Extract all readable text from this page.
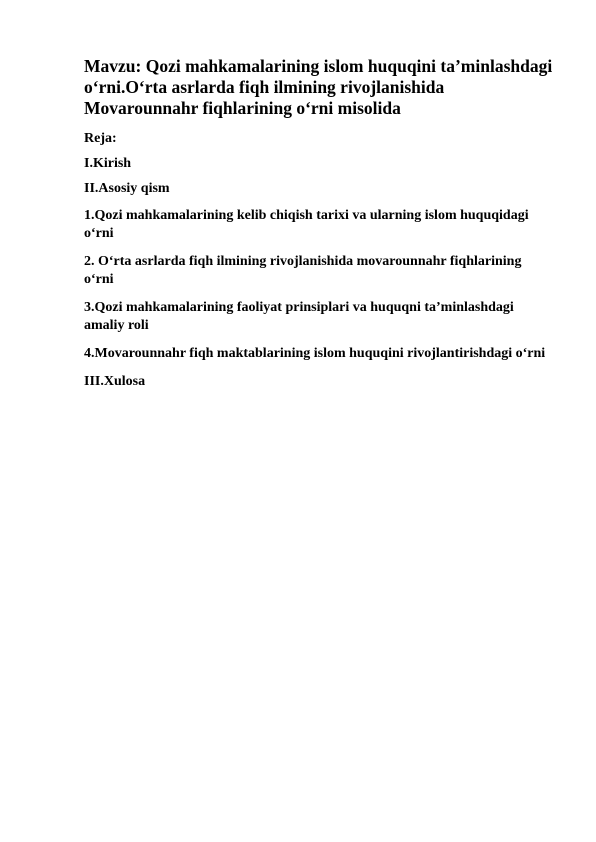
Mavzu: Qozi mahkamalarining islom huquqini ta’minlashdagi o‘rni.O‘rta asrlarda fiqh ilmining rivojlanishida Movarounnahr fiqhlarining o‘rni misolida
Reja:
I.Kirish
II.Asosiy qism
1.Qozi mahkamalarining kelib chiqish tarixi va ularning islom huquqidagi o‘rni
2. O‘rta asrlarda fiqh ilmining rivojlanishida movarounnahr fiqhlarining o‘rni
3.Qozi mahkamalarining faoliyat prinsiplari va huquqni ta’minlashdagi amaliy roli
4.Movarounnahr fiqh maktablarining islom huquqini rivojlantirishdagi o‘rni
III.Xulosa
